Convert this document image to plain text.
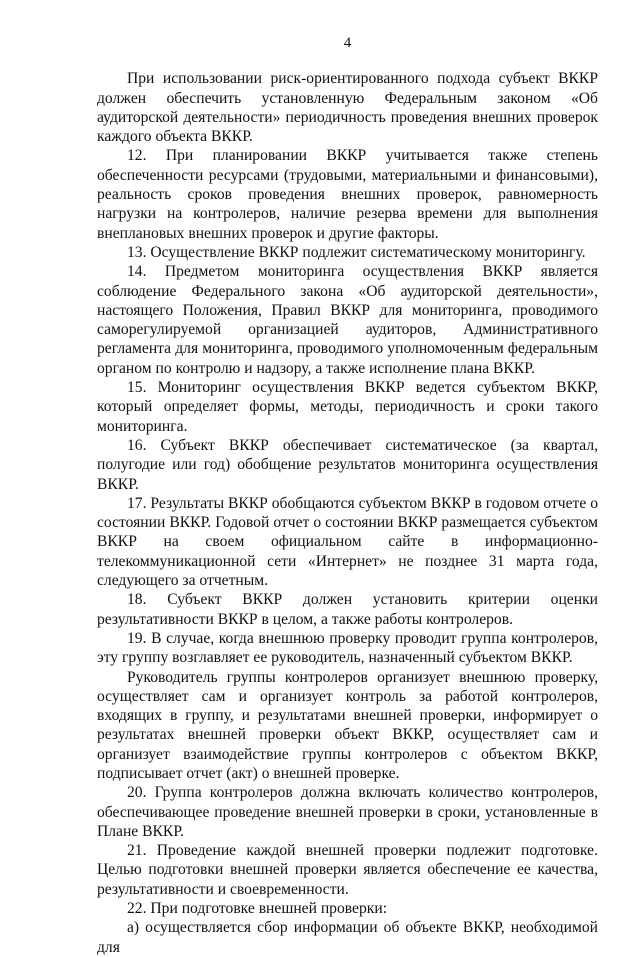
4

При использовании риск-ориентированного подхода субъект ВККР должен обеспечить установленную Федеральным законом «Об аудиторской деятельности» периодичность проведения внешних проверок каждого объекта ВККР.

12. При планировании ВККР учитывается также степень обеспеченности ресурсами (трудовыми, материальными и финансовыми), реальность сроков проведения внешних проверок, равномерность нагрузки на контролеров, наличие резерва времени для выполнения внеплановых внешних проверок и другие факторы.

13. Осуществление ВККР подлежит систематическому мониторингу.

14. Предметом мониторинга осуществления ВККР является соблюдение Федерального закона «Об аудиторской деятельности», настоящего Положения, Правил ВККР для мониторинга, проводимого саморегулируемой организацией аудиторов, Административного регламента для мониторинга, проводимого уполномоченным федеральным органом по контролю и надзору, а также исполнение плана ВККР.

15. Мониторинг осуществления ВККР ведется субъектом ВККР, который определяет формы, методы, периодичность и сроки такого мониторинга.

16. Субъект ВККР обеспечивает систематическое (за квартал, полугодие или год) обобщение результатов мониторинга осуществления ВККР.

17. Результаты ВККР обобщаются субъектом ВККР в годовом отчете о состоянии ВККР. Годовой отчет о состоянии ВККР размещается субъектом ВККР на своем официальном сайте в информационно-телекоммуникационной сети «Интернет» не позднее 31 марта года, следующего за отчетным.

18. Субъект ВККР должен установить критерии оценки результативности ВККР в целом, а также работы контролеров.

19. В случае, когда внешнюю проверку проводит группа контролеров, эту группу возглавляет ее руководитель, назначенный субъектом ВККР.

Руководитель группы контролеров организует внешнюю проверку, осуществляет сам и организует контроль за работой контролеров, входящих в группу, и результатами внешней проверки, информирует о результатах внешней проверки объект ВККР, осуществляет сам и организует взаимодействие группы контролеров с объектом ВККР, подписывает отчет (акт) о внешней проверке.

20. Группа контролеров должна включать количество контролеров, обеспечивающее проведение внешней проверки в сроки, установленные в Плане ВККР.

21. Проведение каждой внешней проверки подлежит подготовке. Целью подготовки внешней проверки является обеспечение ее качества, результативности и своевременности.

22. При подготовке внешней проверки:

а) осуществляется сбор информации об объекте ВККР, необходимой для
